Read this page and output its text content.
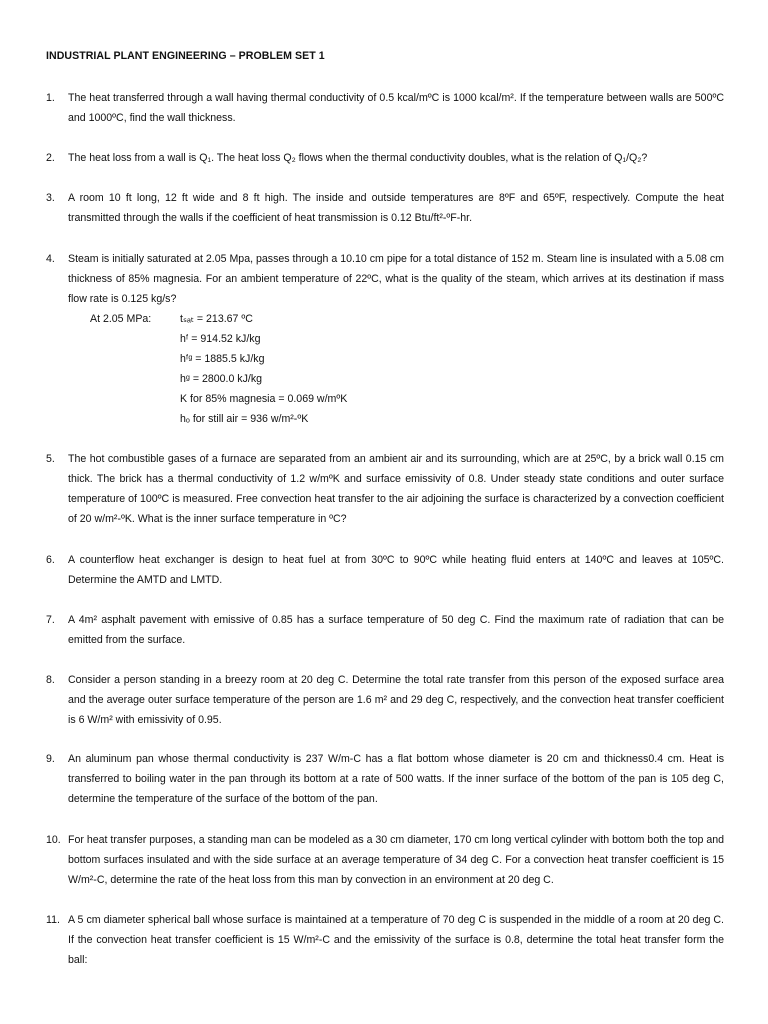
INDUSTRIAL PLANT ENGINEERING – PROBLEM SET 1
1.	The heat transferred through a wall having thermal conductivity of 0.5 kcal/mºC is 1000 kcal/m². If the temperature between walls are 500ºC and 1000ºC, find the wall thickness.
2.	The heat loss from a wall is Q₁. The heat loss Q₂ flows when the thermal conductivity doubles, what is the relation of Q₁/Q₂?
3.	A room 10 ft long, 12 ft wide and 8 ft high. The inside and outside temperatures are 8ºF and 65ºF, respectively. Compute the heat transmitted through the walls if the coefficient of heat transmission is 0.12 Btu/ft²-ºF-hr.
4.	Steam is initially saturated at 2.05 Mpa, passes through a 10.10 cm pipe for a total distance of 152 m. Steam line is insulated with a 5.08 cm thickness of 85% magnesia. For an ambient temperature of 22ºC, what is the quality of the steam, which arrives at its destination if mass flow rate is 0.125 kg/s?
At 2.05 MPa:	tₛₐₜ = 213.67 ºC
hᶠ = 914.52 kJ/kg
hᶠᵍ = 1885.5 kJ/kg
hᵍ = 2800.0 kJ/kg
K for 85% magnesia = 0.069 w/mºK
hₒ for still air = 936 w/m²-ºK
5.	The hot combustible gases of a furnace are separated from an ambient air and its surrounding, which are at 25ºC, by a brick wall 0.15 cm thick. The brick has a thermal conductivity of 1.2 w/mºK and surface emissivity of 0.8. Under steady state conditions and outer surface temperature of 100ºC is measured. Free convection heat transfer to the air adjoining the surface is characterized by a convection coefficient of 20 w/m²-ºK. What is the inner surface temperature in ºC?
6.	A counterflow heat exchanger is design to heat fuel at from 30ºC to 90ºC while heating fluid enters at 140ºC and leaves at 105ºC. Determine the AMTD and LMTD.
7.	A 4m² asphalt pavement with emissive of 0.85 has a surface temperature of 50 deg C. Find the maximum rate of radiation that can be emitted from the surface.
8.	Consider a person standing in a breezy room at 20 deg C. Determine the total rate transfer from this person of the exposed surface area and the average outer surface temperature of the person are 1.6 m² and 29 deg C, respectively, and the convection heat transfer coefficient is 6 W/m² with emissivity of 0.95.
9.	An aluminum pan whose thermal conductivity is 237 W/m-C has a flat bottom whose diameter is 20 cm and thickness0.4 cm. Heat is transferred to boiling water in the pan through its bottom at a rate of 500 watts. If the inner surface of the bottom of the pan is 105 deg C, determine the temperature of the surface of the bottom of the pan.
10. For heat transfer purposes, a standing man can be modeled as a 30 cm diameter, 170 cm long vertical cylinder with bottom both the top and bottom surfaces insulated and with the side surface at an average temperature of 34 deg C. For a convection heat transfer coefficient is 15 W/m²-C, determine the rate of the heat loss from this man by convection in an environment at 20 deg C.
11. A 5 cm diameter spherical ball whose surface is maintained at a temperature of 70 deg C is suspended in the middle of a room at 20 deg C. If the convection heat transfer coefficient is 15 W/m²-C and the emissivity of the surface is 0.8, determine the total heat transfer form the ball:
